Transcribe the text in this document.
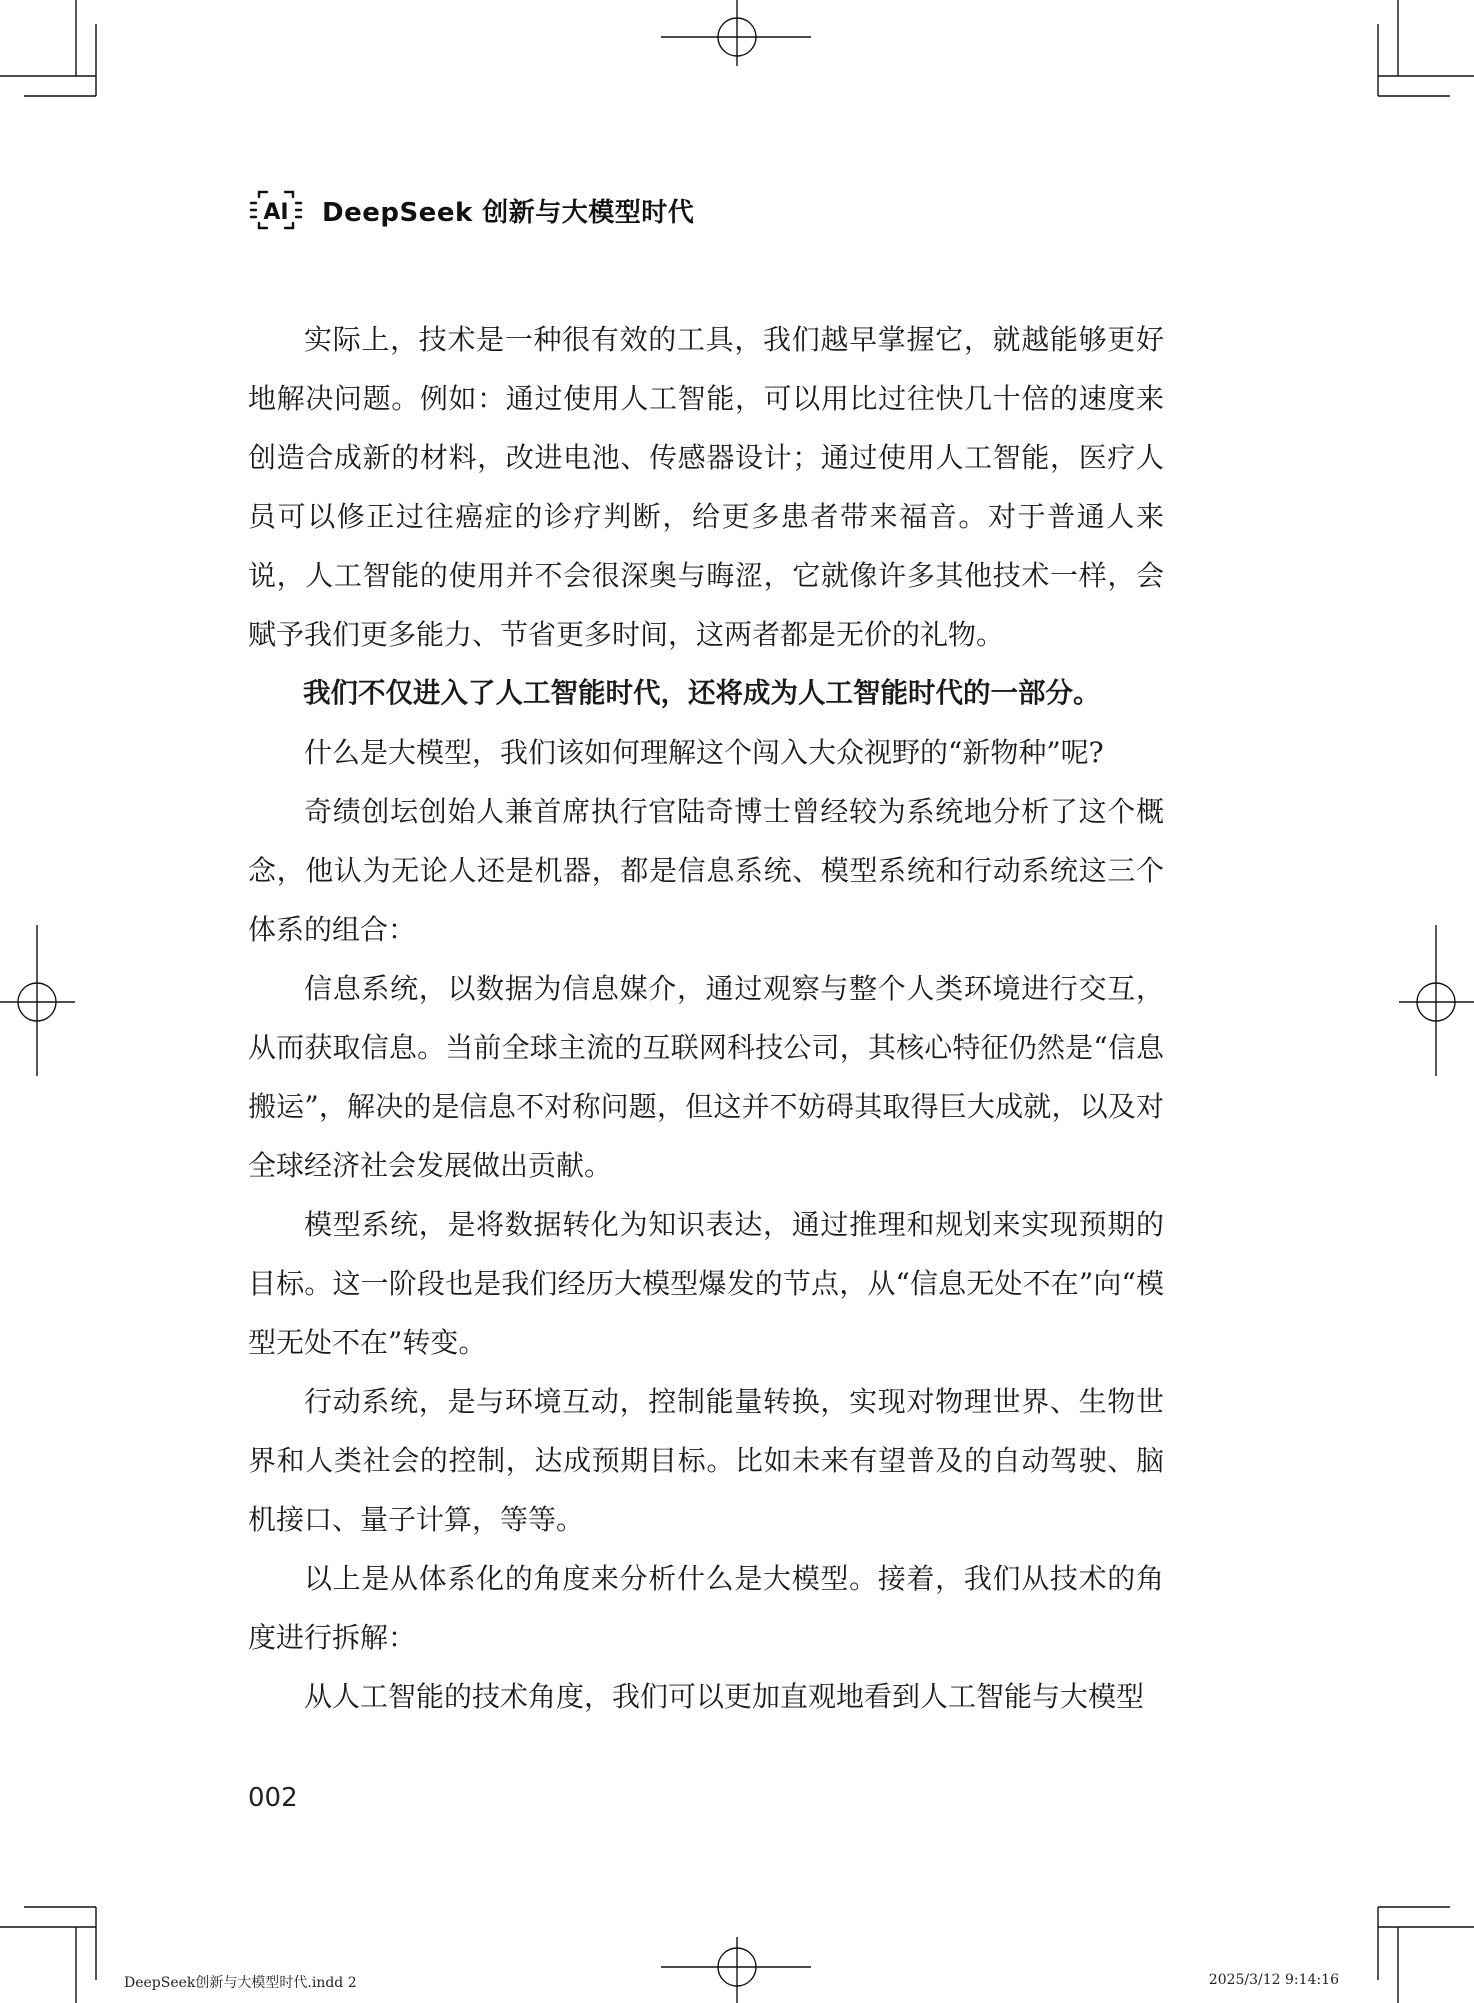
AI DeepSeek 创新与大模型时代

实际上，技术是一种很有效的工具，我们越早掌握它，就越能够更好地解决问题。例如：通过使用人工智能，可以用比过往快几十倍的速度来创造合成新的材料，改进电池、传感器设计；通过使用人工智能，医疗人员可以修正过往癌症的诊疗判断，给更多患者带来福音。对于普通人来说，人工智能的使用并不会很深奥与晦涩，它就像许多其他技术一样，会赋予我们更多能力、节省更多时间，这两者都是无价的礼物。

我们不仅进入了人工智能时代，还将成为人工智能时代的一部分。

什么是大模型，我们该如何理解这个闯入大众视野的“新物种”呢?

奇绩创坛创始人兼首席执行官陆奇博士曾经较为系统地分析了这个概念，他认为无论人还是机器，都是信息系统、模型系统和行动系统这三个体系的组合：

信息系统，以数据为信息媒介，通过观察与整个人类环境进行交互，从而获取信息。当前全球主流的互联网科技公司，其核心特征仍然是“信息搬运”，解决的是信息不对称问题，但这并不妨碍其取得巨大成就，以及对全球经济社会发展做出贡献。

模型系统，是将数据转化为知识表达，通过推理和规划来实现预期的目标。这一阶段也是我们经历大模型爆发的节点，从“信息无处不在”向“模型无处不在”转变。

行动系统，是与环境互动，控制能量转换，实现对物理世界、生物世界和人类社会的控制，达成预期目标。比如未来有望普及的自动驾驶、脑机接口、量子计算，等等。

以上是从体系化的角度来分析什么是大模型。接着，我们从技术的角度进行拆解：

从人工智能的技术角度，我们可以更加直观地看到人工智能与大模型

002
DeepSeek创新与大模型时代.indd 2	2025/3/12 9:14:16
